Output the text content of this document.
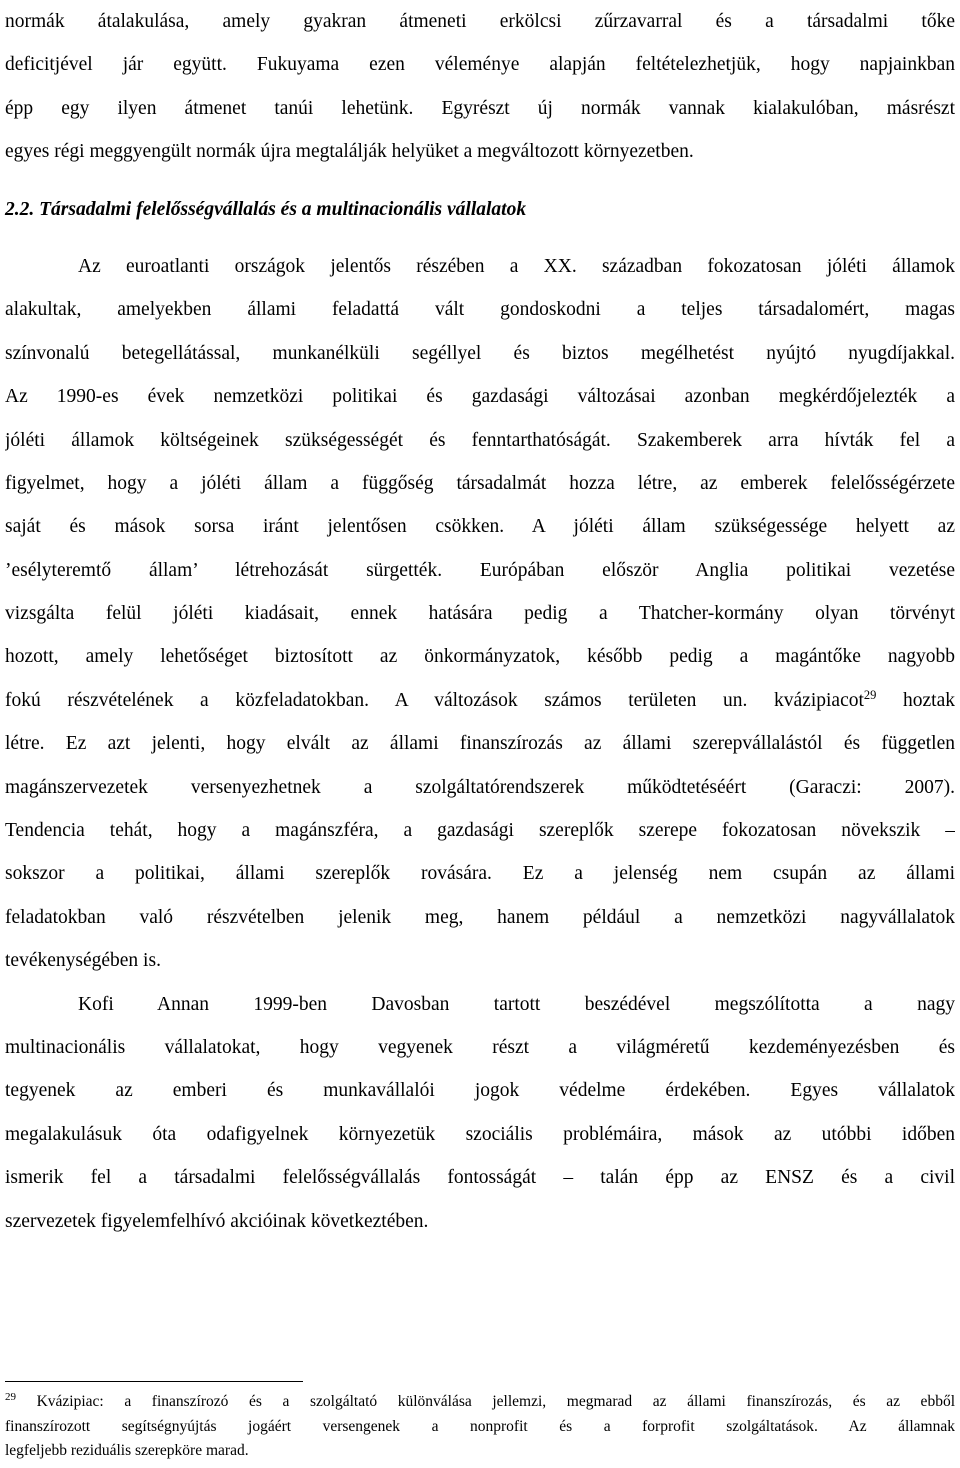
normák átalakulása, amely gyakran átmeneti erkölcsi zűrzavarral és a társadalmi tőke
deficitjével jár együtt. Fukuyama ezen véleménye alapján feltételezhetjük, hogy napjainkban
épp egy ilyen átmenet tanúi lehetünk. Egyrészt új normák vannak kialakulóban, másrészt
egyes régi meggyengült normák újra megtalálják helyüket a megváltozott környezetben.
2.2. Társadalmi felelősségvállalás és a multinacionális vállalatok
Az euroatlanti országok jelentős részében a XX. században fokozatosan jóléti államok
alakultak, amelyekben állami feladattá vált gondoskodni a teljes társadalomért, magas
színvonalú betegellátással, munkanélküli segéllyel és biztos megélhetést nyújtó nyugdíjakkal.
Az 1990-es évek nemzetközi politikai és gazdasági változásai azonban megkérdőjelezték a
jóléti államok költségeinek szükségességét és fenntarthatóságát. Szakemberek arra hívták fel a
figyelmet, hogy a jóléti állam a függőség társadalmát hozza létre, az emberek felelősségérzete
saját és mások sorsa iránt jelentősen csökken. A jóléti állam szükségessége helyett az
’esélyteremtő állam’ létrehozását sürgették. Európában először Anglia politikai vezetése
vizsgálta felül jóléti kiadásait, ennek hatására pedig a Thatcher-kormány olyan törvényt
hozott, amely lehetőséget biztosított az önkormányzatok, később pedig a magántőke nagyobb
fokú részvételének a közfeladatokban. A változások számos területen un. kvázipiacot$^{29}$ hoztak
létre. Ez azt jelenti, hogy elvált az állami finanszírozás az állami szerepvállalástól és független
magánszervezetek versenyezhetnek a szolgáltatórendszerek működtetéséért (Garaczi: 2007).
Tendencia tehát, hogy a magánszféra, a gazdasági szereplők szerepe fokozatosan növekszik –
sokszor a politikai, állami szereplők rovására. Ez a jelenség nem csupán az állami
feladatokban való részvételben jelenik meg, hanem például a nemzetközi nagyvállalatok
tevékenységében is.
Kofi Annan 1999-ben Davosban tartott beszédével megszólította a nagy
multinacionális vállalatokat, hogy vegyenek részt a világméretű kezdeményezésben és
tegyenek az emberi és munkavállalói jogok védelme érdekében. Egyes vállalatok
megalakulásuk óta odafigyelnek környezetük szociális problémáira, mások az utóbbi időben
ismerik fel a társadalmi felelősségvállalás fontosságát – talán épp az ENSZ és a civil
szervezetek figyelemfelhívó akcióinak következtében.
$^{29}$ Kvázipiac: a finanszírozó és a szolgáltató különválása jellemzi, megmarad az állami finanszírozás, és az ebből
finanszírozott segítségnyújtás jogáért versengenek a nonprofit és a forprofit szolgáltatások. Az államnak
legfeljebb reziduális szerepköre marad.
